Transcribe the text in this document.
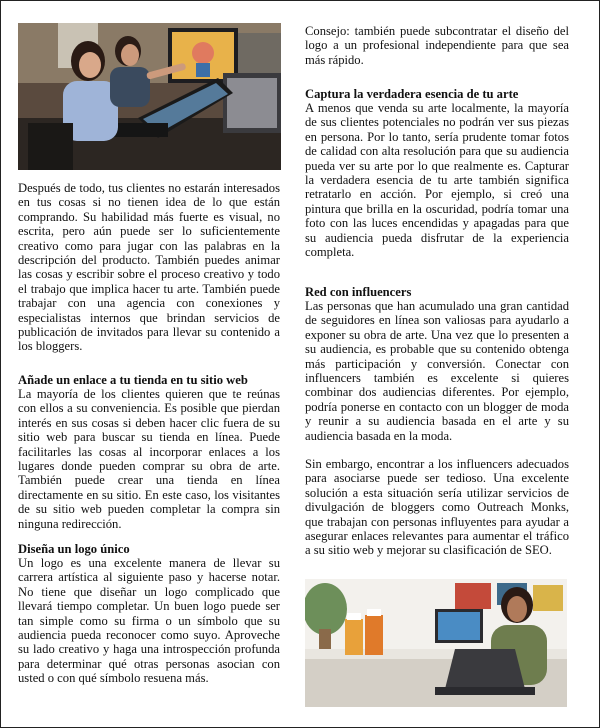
Después de todo, tus clientes no estarán interesados en tus cosas si no tienen idea de lo que están comprando. Su habilidad más fuerte es visual, no escrita, pero aún puede ser lo suficientemente creativo como para jugar con las palabras en la descripción del producto. También puedes animar las cosas y escribir sobre el proceso creativo y todo el trabajo que implica hacer tu arte. También puede trabajar con una agencia con conexiones y especialistas internos que brindan servicios de publicación de invitados para llevar su contenido a los bloggers.

Añade un enlace a tu tienda en tu sitio web

La mayoría de los clientes quieren que te reúnas con ellos a su conveniencia. Es posible que pierdan interés en sus cosas si deben hacer clic fuera de su sitio web para buscar su tienda en línea. Puede facilitarles las cosas al incorporar enlaces a los lugares donde pueden comprar su obra de arte. También puede crear una tienda en línea directamente en su sitio. En este caso, los visitantes de su sitio web pueden completar la compra sin ninguna redirección.

Diseña un logo único

Un logo es una excelente manera de llevar su carrera artística al siguiente paso y hacerse notar. No tiene que diseñar un logo complicado que llevará tiempo completar. Un buen logo puede ser tan simple como su firma o un símbolo que su audiencia pueda reconocer como suyo. Aproveche su lado creativo y haga una introspección profunda para determinar qué otras personas asocian con usted o con qué símbolo resuena más.

Consejo: también puede subcontratar el diseño del logo a un profesional independiente para que sea más rápido.

Captura la verdadera esencia de tu arte

A menos que venda su arte localmente, la mayoría de sus clientes potenciales no podrán ver sus piezas en persona. Por lo tanto, sería prudente tomar fotos de calidad con alta resolución para que su audiencia pueda ver su arte por lo que realmente es. Capturar la verdadera esencia de tu arte también significa retratarlo en acción. Por ejemplo, si creó una pintura que brilla en la oscuridad, podría tomar una foto con las luces encendidas y apagadas para que su audiencia pueda disfrutar de la experiencia completa.

Red con influencers

Las personas que han acumulado una gran cantidad de seguidores en línea son valiosas para ayudarlo a exponer su obra de arte. Una vez que lo presenten a su audiencia, es probable que su contenido obtenga más participación y conversión. Conectar con influencers también es excelente si quieres combinar dos audiencias diferentes. Por ejemplo, podría ponerse en contacto con un blogger de moda y reunir a su audiencia basada en el arte y su audiencia basada en la moda.

Sin embargo, encontrar a los influencers adecuados para asociarse puede ser tedioso. Una excelente solución a esta situación sería utilizar servicios de divulgación de bloggers como Outreach Monks, que trabajan con personas influyentes para ayudar a asegurar enlaces relevantes para aumentar el tráfico a su sitio web y mejorar su clasificación de SEO.
